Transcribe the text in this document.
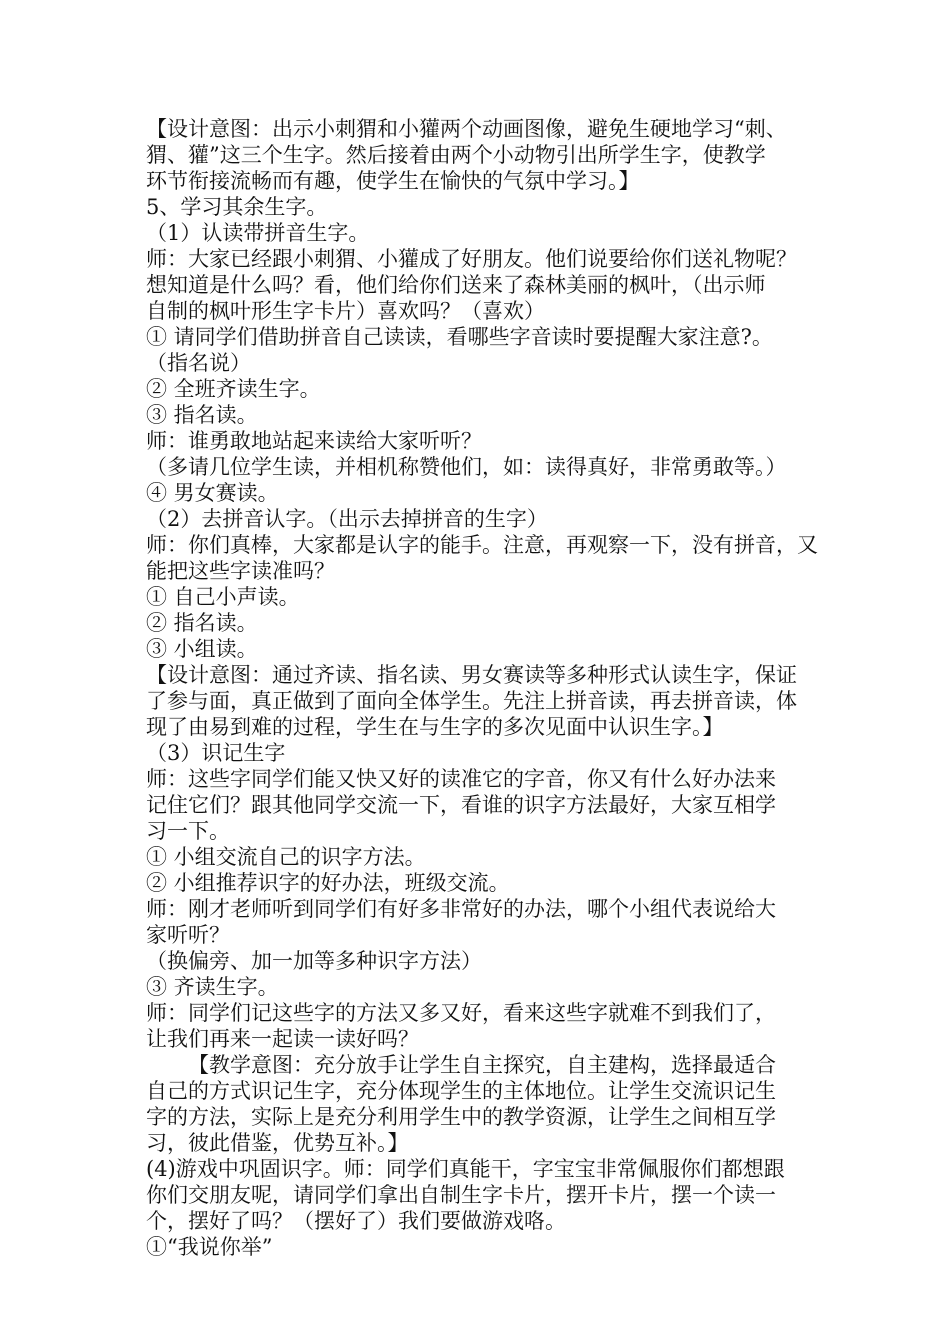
【设计意图：出示小刺猬和小獾两个动画图像，避免生硬地学习“刺、
猬、獾”这三个生字。然后接着由两个小动物引出所学生字，使教学
环节衔接流畅而有趣，使学生在愉快的气氛中学习。】
5、学习其余生字。
（1）认读带拼音生字。
师：大家已经跟小刺猬、小獾成了好朋友。他们说要给你们送礼物呢？
想知道是什么吗？看，他们给你们送来了森林美丽的枫叶，（出示师
自制的枫叶形生字卡片）喜欢吗？（喜欢）
① 请同学们借助拼音自己读读，看哪些字音读时要提醒大家注意?。
（指名说）
② 全班齐读生字。
③ 指名读。
师：谁勇敢地站起来读给大家听听？
（多请几位学生读，并相机称赞他们，如：读得真好，非常勇敢等。）
④ 男女赛读。
（2）去拼音认字。（出示去掉拼音的生字）
师：你们真棒，大家都是认字的能手。注意，再观察一下，没有拼音，又
能把这些字读准吗？
① 自己小声读。
② 指名读。
③ 小组读。
【设计意图：通过齐读、指名读、男女赛读等多种形式认读生字，保证
了参与面，真正做到了面向全体学生。先注上拼音读，再去拼音读，体
现了由易到难的过程，学生在与生字的多次见面中认识生字。】
（3）识记生字
师：这些字同学们能又快又好的读准它的字音，你又有什么好办法来
记住它们？跟其他同学交流一下，看谁的识字方法最好，大家互相学
习一下。
① 小组交流自己的识字方法。
② 小组推荐识字的好办法，班级交流。
师：刚才老师听到同学们有好多非常好的办法，哪个小组代表说给大
家听听？
（换偏旁、加一加等多种识字方法）
③ 齐读生字。
师：同学们记这些字的方法又多又好，看来这些字就难不到我们了，
让我们再来一起读一读好吗？
【教学意图：充分放手让学生自主探究，自主建构，选择最适合
自己的方式识记生字，充分体现学生的主体地位。让学生交流识记生
字的方法，实际上是充分利用学生中的教学资源，让学生之间相互学
习，彼此借鉴，优势互补。】
(4)游戏中巩固识字。师：同学们真能干，字宝宝非常佩服你们都想跟
你们交朋友呢，请同学们拿出自制生字卡片，摆开卡片，摆一个读一
个，摆好了吗？（摆好了）我们要做游戏咯。
①“我说你举”
